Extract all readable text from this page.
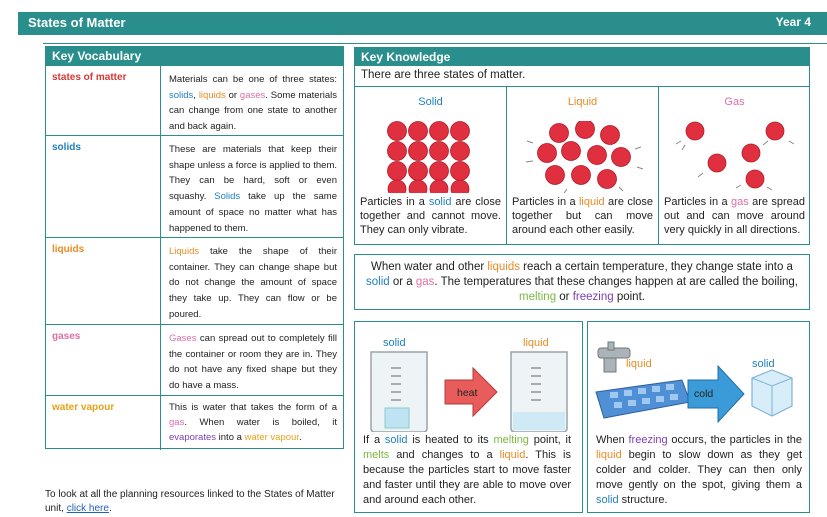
States of Matter	Year 4
Key Vocabulary
states of matter	Materials can be one of three states: solids, liquids or gases. Some materials can change from one state to another and back again.
solids	These are materials that keep their shape unless a force is applied to them. They can be hard, soft or even squashy. Solids take up the same amount of space no matter what has happened to them.
liquids	Liquids take the shape of their container. They can change shape but do not change the amount of space they take up. They can flow or be poured.
gases	Gases can spread out to completely fill the container or room they are in. They do not have any fixed shape but they do have a mass.
water vapour	This is water that takes the form of a gas. When water is boiled, it evaporates into a water vapour.
To look at all the planning resources linked to the States of Matter unit, click here.
Key Knowledge
There are three states of matter.
Solid
Particles in a solid are close together and cannot move. They can only vibrate.
Liquid
Particles in a liquid are close together but can move around each other easily.
Gas
Particles in a gas are spread out and can move around very quickly in all directions.
When water and other liquids reach a certain temperature, they change state into a solid or a gas. The temperatures that these changes happen at are called the boiling, melting or freezing point.
solid	liquid
heat
If a solid is heated to its melting point, it melts and changes to a liquid. This is because the particles start to move faster and faster until they are able to move over and around each other.
liquid	solid
cold
When freezing occurs, the particles in the liquid begin to slow down as they get colder and colder. They can then only move gently on the spot, giving them a solid structure.
